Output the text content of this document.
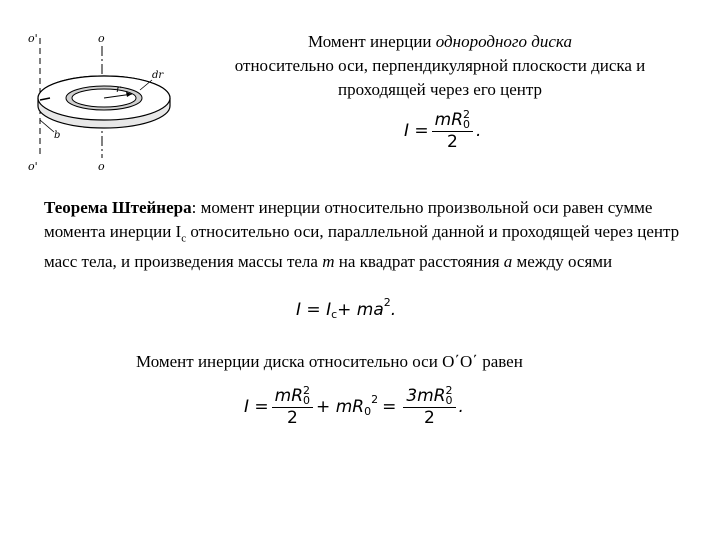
o'	o
o'	o
dr
r
b
Момент инерции однородного диска
относительно оси, перпендикулярной плоскости диска и
проходящей через его центр
I = mR 2
0
2 .
Теорема Штейнера: момент инерции относительно произвольной оси равен сумме момента инерции $I_c$ относительно оси, параллельной данной и проходящей через центр масс тела, и произведения массы тела m на квадрат расстояния a между осями
I = I c + ma 2 .
Момент инерции диска относительно оси O΄O΄ равен
I = mR 2
0
2 + mR 0
2 = 3mR 2
0
2 .
